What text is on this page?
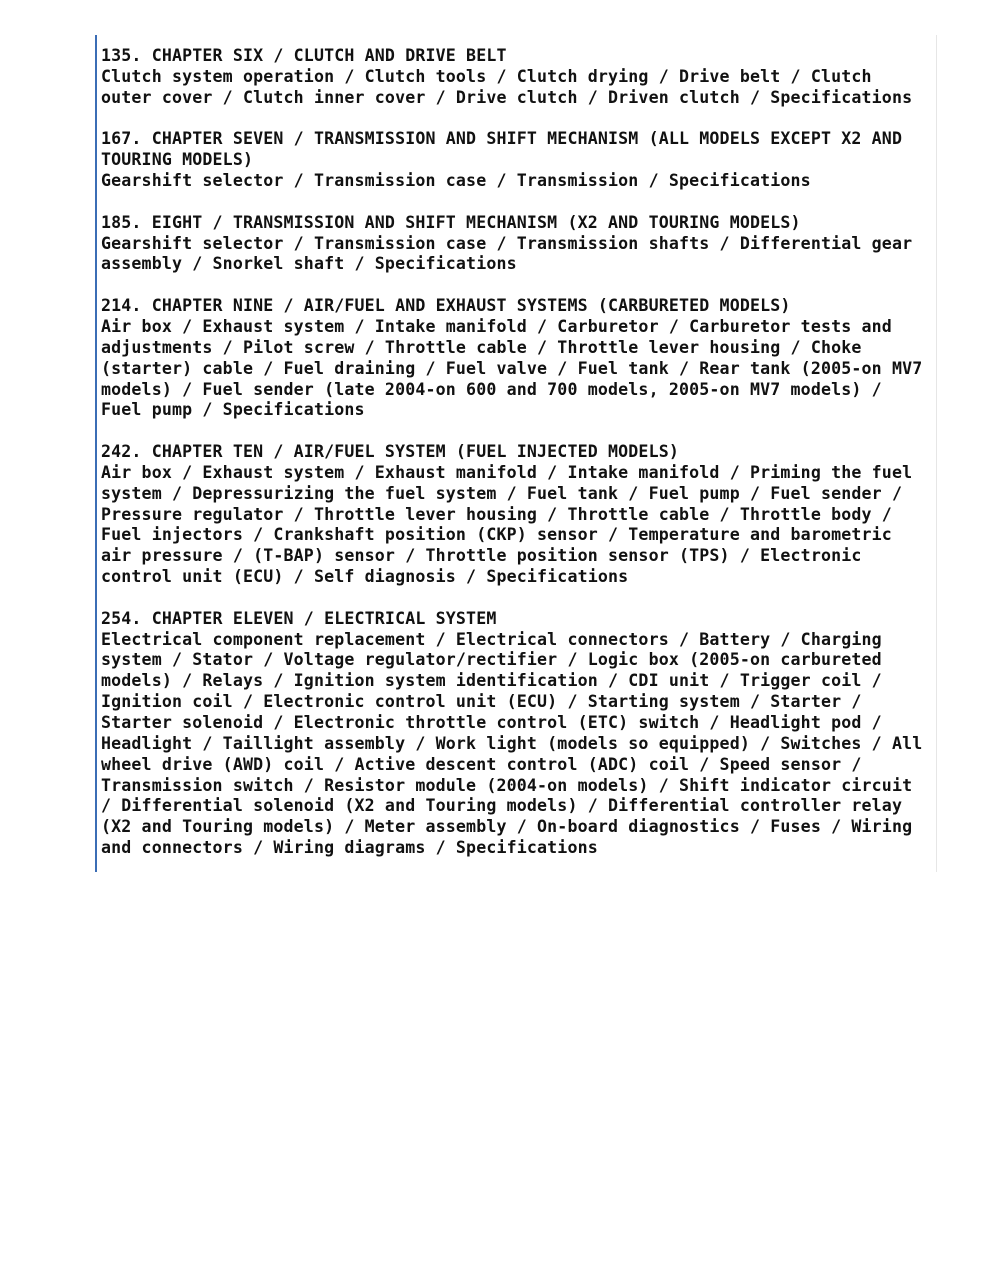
135. CHAPTER SIX / CLUTCH AND DRIVE BELT
Clutch system operation / Clutch tools / Clutch drying / Drive belt / Clutch
outer cover / Clutch inner cover / Drive clutch / Driven clutch / Specifications
167. CHAPTER SEVEN / TRANSMISSION AND SHIFT MECHANISM (ALL MODELS EXCEPT X2 AND
TOURING MODELS)
Gearshift selector / Transmission case / Transmission / Specifications
185. EIGHT / TRANSMISSION AND SHIFT MECHANISM (X2 AND TOURING MODELS)
Gearshift selector / Transmission case / Transmission shafts / Differential gear
assembly / Snorkel shaft / Specifications
214. CHAPTER NINE / AIR/FUEL AND EXHAUST SYSTEMS (CARBURETED MODELS)
Air box / Exhaust system / Intake manifold / Carburetor / Carburetor tests and
adjustments / Pilot screw / Throttle cable / Throttle lever housing / Choke
(starter) cable / Fuel draining / Fuel valve / Fuel tank / Rear tank (2005-on MV7
models) / Fuel sender (late 2004-on 600 and 700 models, 2005-on MV7 models) /
Fuel pump / Specifications
242. CHAPTER TEN / AIR/FUEL SYSTEM (FUEL INJECTED MODELS)
Air box / Exhaust system / Exhaust manifold / Intake manifold / Priming the fuel
system / Depressurizing the fuel system / Fuel tank / Fuel pump / Fuel sender /
Pressure regulator / Throttle lever housing / Throttle cable / Throttle body /
Fuel injectors / Crankshaft position (CKP) sensor / Temperature and barometric
air pressure / (T-BAP) sensor / Throttle position sensor (TPS) / Electronic
control unit (ECU) / Self diagnosis / Specifications
254. CHAPTER ELEVEN / ELECTRICAL SYSTEM
Electrical component replacement / Electrical connectors / Battery / Charging
system / Stator / Voltage regulator/rectifier / Logic box (2005-on carbureted
models) / Relays / Ignition system identification / CDI unit / Trigger coil /
Ignition coil / Electronic control unit (ECU) / Starting system / Starter /
Starter solenoid / Electronic throttle control (ETC) switch / Headlight pod /
Headlight / Taillight assembly / Work light (models so equipped) / Switches / All
wheel drive (AWD) coil / Active descent control (ADC) coil / Speed sensor /
Transmission switch / Resistor module (2004-on models) / Shift indicator circuit
/ Differential solenoid (X2 and Touring models) / Differential controller relay
(X2 and Touring models) / Meter assembly / On-board diagnostics / Fuses / Wiring
and connectors / Wiring diagrams / Specifications
